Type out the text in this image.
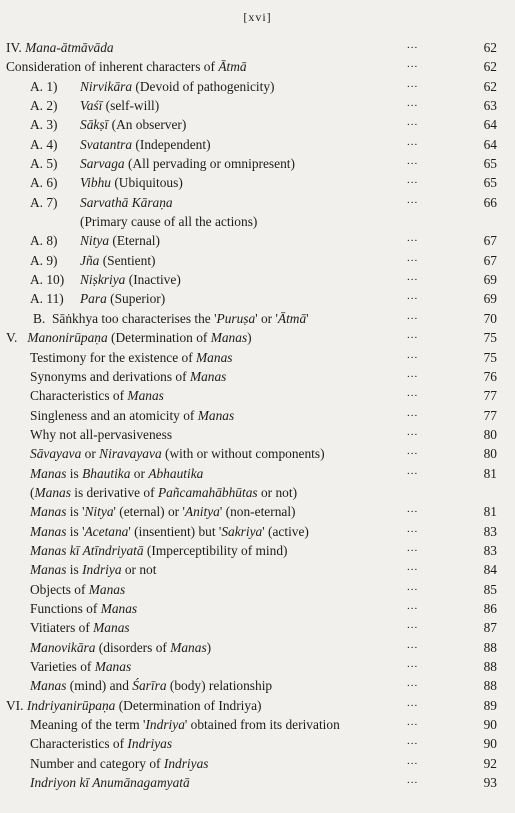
[xvi]
IV. Mana-ātmāvāda	...	62
Consideration of inherent characters of Ātmā	...	62
A. 1) Nirvikāra (Devoid of pathogenicity)	...	62
A. 2) Vaśī (self-will)	...	63
A. 3) Sākṣī (An observer)	...	64
A. 4) Svatantra (Independent)	...	64
A. 5) Sarvaga (All pervading or omnipresent)	...	65
A. 6) Vibhu (Ubiquitous)	...	65
A. 7) Sarvathā Kāraṇa	...	66
(Primary cause of all the actions)
A. 8) Nitya (Eternal)	...	67
A. 9) Jña (Sentient)	...	67
A. 10) Niṣkriya (Inactive)	...	69
A. 11) Para (Superior)	...	69
B.  Sāṅkhya too characterises the 'Puruṣa' or 'Ātmā'	...	70
V.   Manonirūpaṇa (Determination of Manas)	...	75
Testimony for the existence of Manas	...	75
Synonyms and derivations of Manas	...	76
Characteristics of Manas	...	77
Singleness and an atomicity of Manas	...	77
Why not all-pervasiveness	...	80
Sāvayava or Niravayava (with or without components)	...	80
Manas is Bhautika or Abhautika	...	81
(Manas is derivative of Pañcamahābhūtas or not)
Manas is 'Nitya' (eternal) or 'Anitya' (non-eternal)	...	81
Manas is 'Acetana' (insentient) but 'Sakriya' (active)	...	83
Manas kī Atīndriyatā (Imperceptibility of mind)	...	83
Manas is Indriya or not	...	84
Objects of Manas	...	85
Functions of Manas	...	86
Vitiaters of Manas	...	87
Manovikāra (disorders of Manas)	...	88
Varieties of Manas	...	88
Manas (mind) and Śarīra (body) relationship	...	88
VI. Indriyanirūpaṇa (Determination of Indriya)	...	89
Meaning of the term 'Indriya' obtained from its derivation	...	90
Characteristics of Indriyas	...	90
Number and category of Indriyas	...	92
Indriyon kī Anumānagamyatā	...	93
